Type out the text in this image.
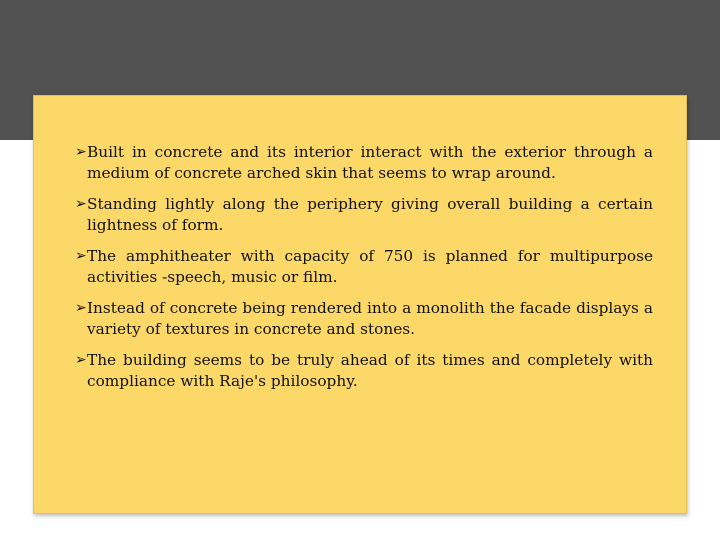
➢ Built in concrete and its interior interact with the exterior through a medium of concrete arched skin that seems to wrap around.
➢ Standing lightly along the periphery giving overall building a certain lightness of form.
➢ The amphitheater with capacity of 750 is planned for multipurpose activities -speech, music or film.
➢ Instead of concrete being rendered into a monolith the facade displays a variety of textures in concrete and stones.
➢ The building seems to be truly ahead of its times and completely with compliance with Raje's philosophy.
